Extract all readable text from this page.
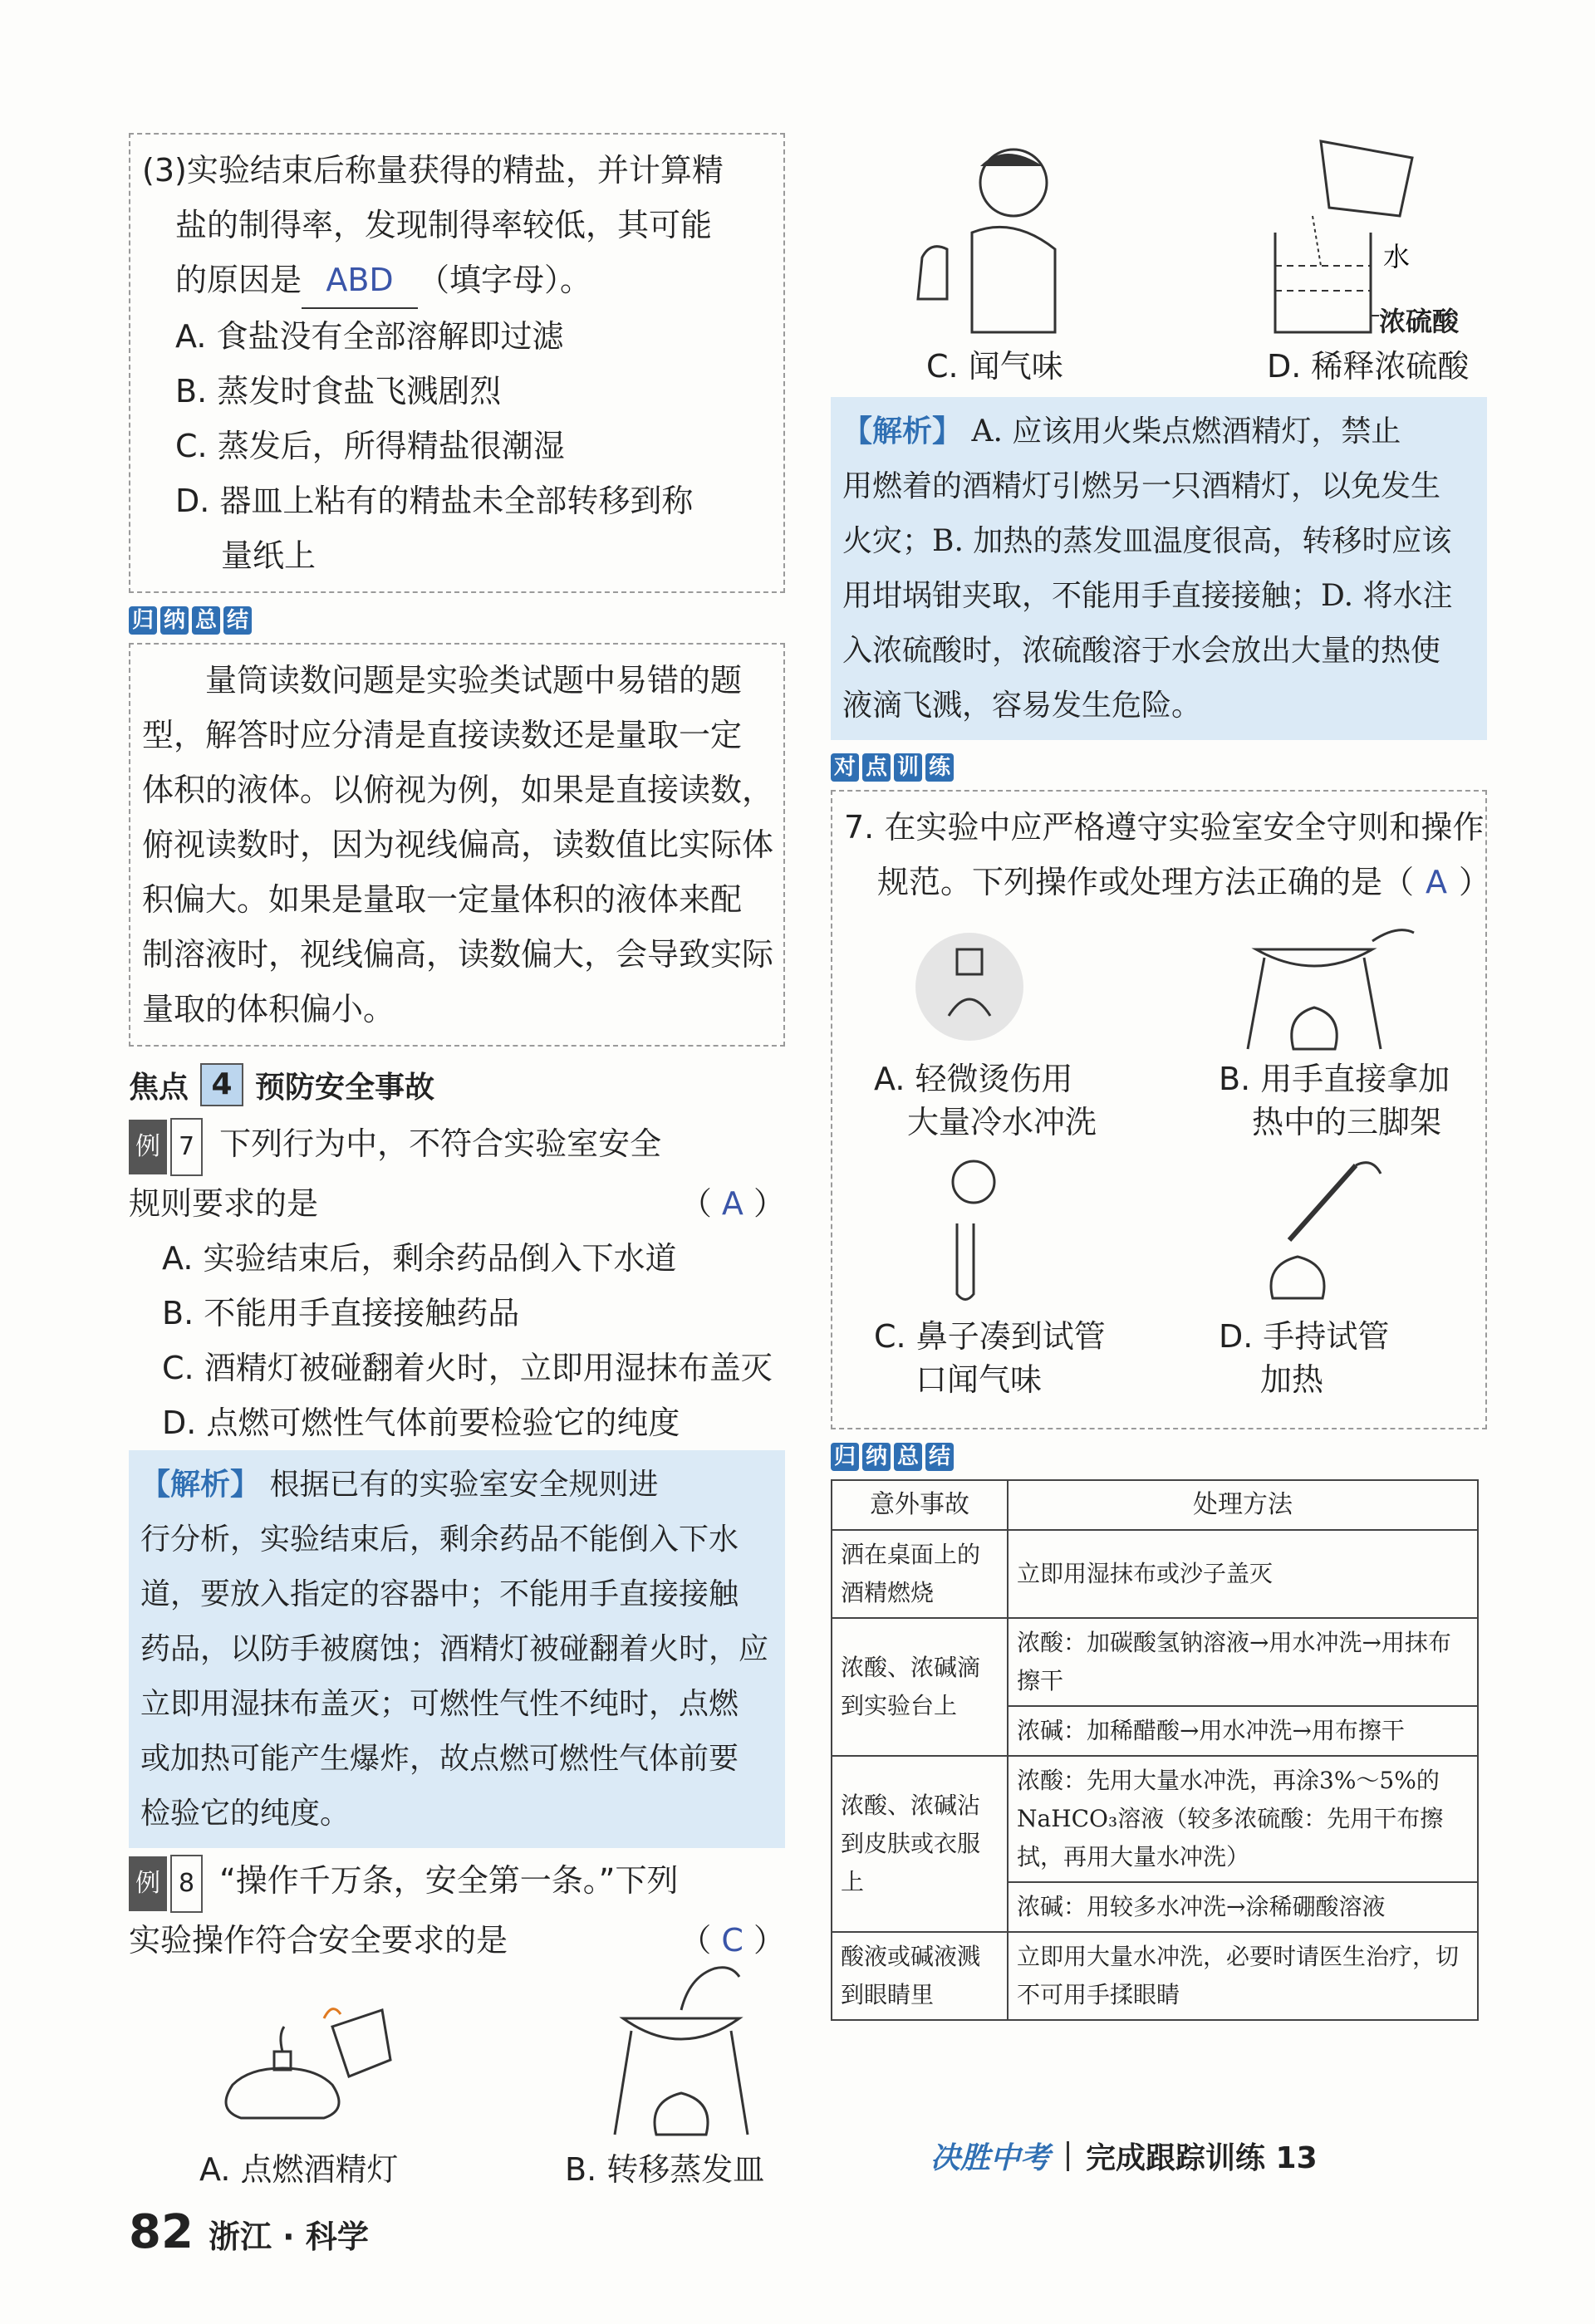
(3)实验结束后称量获得的精盐，并计算精
盐的制得率，发现制得率较低，其可能
的原因是 ABD （填字母）。
A. 食盐没有全部溶解即过滤
B. 蒸发时食盐飞溅剧烈
C. 蒸发后，所得精盐很潮湿
D. 器皿上粘有的精盐未全部转移到称
量纸上
归 纳 总 结
量筒读数问题是实验类试题中易错的题
型，解答时应分清是直接读数还是量取一定
体积的液体。以俯视为例，如果是直接读数，
俯视读数时，因为视线偏高，读数值比实际体
积偏大。如果是量取一定量体积的液体来配
制溶液时，视线偏高，读数偏大，会导致实际
量取的体积偏小。
焦点 4 预防安全事故
例 7 下列行为中，不符合实验室安全
规则要求的是	（ A ）
A. 实验结束后，剩余药品倒入下水道
B. 不能用手直接接触药品
C. 酒精灯被碰翻着火时，立即用湿抹布盖灭
D. 点燃可燃性气体前要检验它的纯度
【解析】 根据已有的实验室安全规则进
行分析，实验结束后，剩余药品不能倒入下水
道，要放入指定的容器中；不能用手直接接触
药品，以防手被腐蚀；酒精灯被碰翻着火时，应
立即用湿抹布盖灭；可燃性气性不纯时，点燃
或加热可能产生爆炸，故点燃可燃性气体前要
检验它的纯度。
例 8 “操作千万条，安全第一条。”下列
实验操作符合安全要求的是	（ C ）
A. 点燃酒精灯	B. 转移蒸发皿
C. 闻气味
水
浓硫酸
D. 稀释浓硫酸
【解析】 A. 应该用火柴点燃酒精灯，禁止
用燃着的酒精灯引燃另一只酒精灯，以免发生
火灾；B. 加热的蒸发皿温度很高，转移时应该
用坩埚钳夹取，不能用手直接接触；D. 将水注
入浓硫酸时，浓硫酸溶于水会放出大量的热使
液滴飞溅，容易发生危险。
对 点 训 练
7. 在实验中应严格遵守实验室安全守则和操作
规范。下列操作或处理方法正确的是（ A ）
A. 轻微烫伤用
大量冷水冲洗
B. 用手直接拿加
热中的三脚架
C. 鼻子凑到试管
口闻气味
D. 手持试管
加热
归 纳 总 结
意外事故	处理方法
洒在桌面上的酒精燃烧	立即用湿抹布或沙子盖灭
浓酸、浓碱滴到实验台上	浓酸：加碳酸氢钠溶液→用水冲洗→用抹布擦干
	浓碱：加稀醋酸→用水冲洗→用布擦干
浓酸、浓碱沾到皮肤或衣服上	浓酸：先用大量水冲洗，再涂3%～5%的NaHCO₃溶液（较多浓硫酸：先用干布擦拭，再用大量水冲洗）
	浓碱：用较多水冲洗→涂稀硼酸溶液
酸液或碱液溅到眼睛里	立即用大量水冲洗，必要时请医生治疗，切不可用手揉眼睛
82 浙江 · 科学
决胜中考 完成跟踪训练 13
